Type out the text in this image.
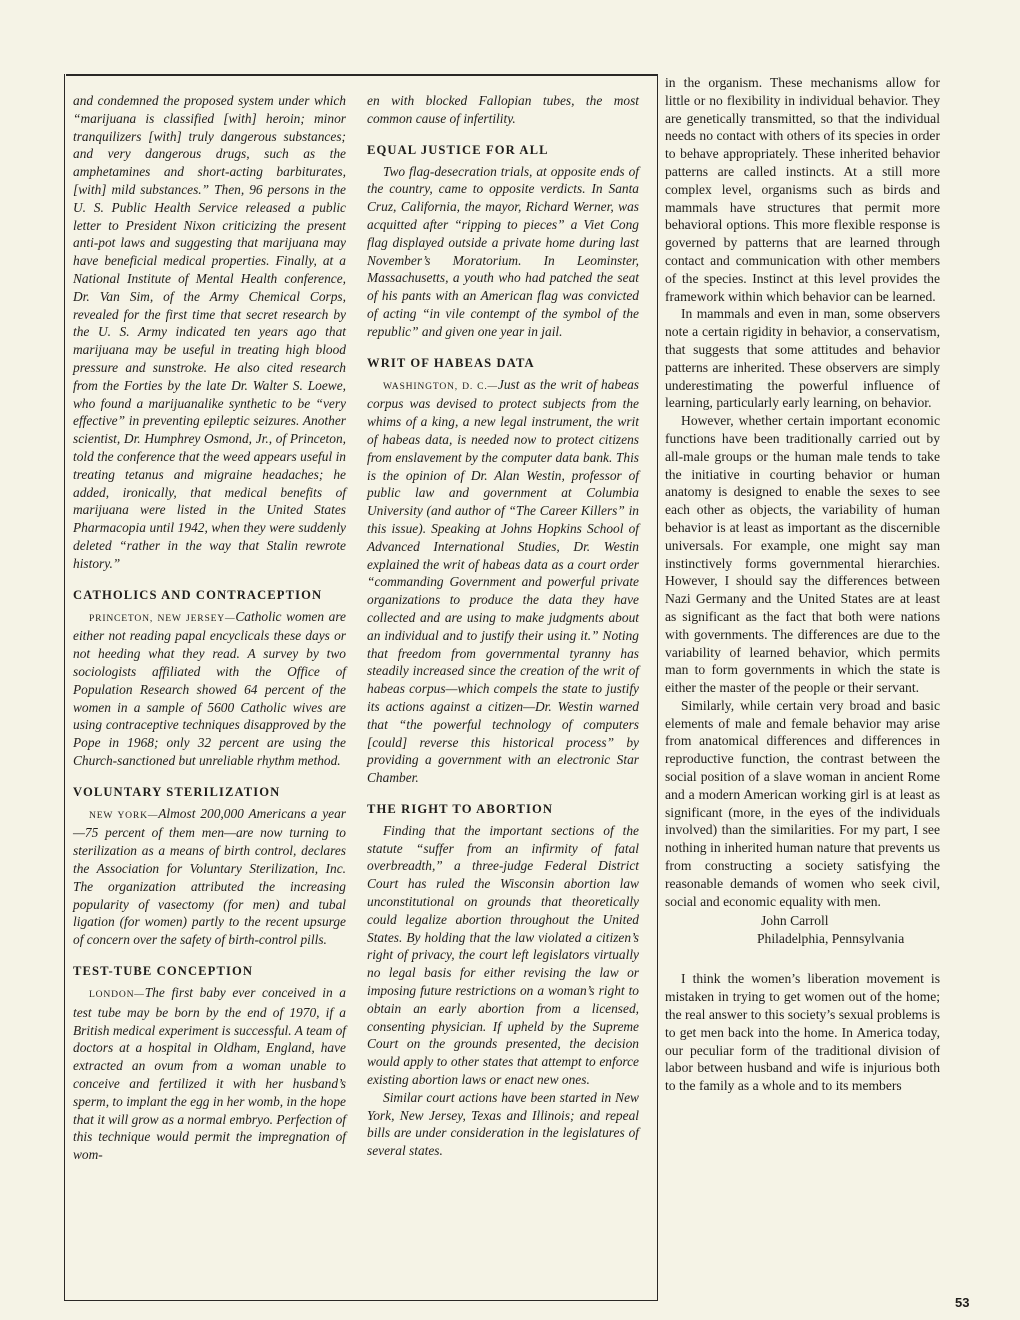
and condemned the proposed system under which “marijuana is classified [with] heroin; minor tranquilizers [with] truly dangerous substances; and very dangerous drugs, such as the amphetamines and short-acting barbiturates, [with] mild substances.” Then, 96 persons in the U. S. Public Health Service released a public letter to President Nixon criticizing the present anti-pot laws and suggesting that marijuana may have beneficial medical properties. Finally, at a National Institute of Mental Health conference, Dr. Van Sim, of the Army Chemical Corps, revealed for the first time that secret research by the U. S. Army indicated ten years ago that marijuana may be useful in treating high blood pressure and sunstroke. He also cited research from the Forties by the late Dr. Walter S. Loewe, who found a marijuanalike synthetic to be “very effective” in preventing epileptic seizures. Another scientist, Dr. Humphrey Osmond, Jr., of Princeton, told the conference that the weed appears useful in treating tetanus and migraine headaches; he added, ironically, that medical benefits of marijuana were listed in the United States Pharmacopia until 1942, when they were suddenly deleted “rather in the way that Stalin rewrote history.”

CATHOLICS AND CONTRACEPTION

PRINCETON, NEW JERSEY—Catholic women are either not reading papal encyclicals these days or not heeding what they read. A survey by two sociologists affiliated with the Office of Population Research showed 64 percent of the women in a sample of 5600 Catholic wives are using contraceptive techniques disapproved by the Pope in 1968; only 32 percent are using the Church-sanctioned but unreliable rhythm method.

VOLUNTARY STERILIZATION

NEW YORK—Almost 200,000 Americans a year—75 percent of them men—are now turning to sterilization as a means of birth control, declares the Association for Voluntary Sterilization, Inc. The organization attributed the increasing popularity of vasectomy (for men) and tubal ligation (for women) partly to the recent upsurge of concern over the safety of birth-control pills.

TEST-TUBE CONCEPTION

LONDON—The first baby ever conceived in a test tube may be born by the end of 1970, if a British medical experiment is successful. A team of doctors at a hospital in Oldham, England, have extracted an ovum from a woman unable to conceive and fertilized it with her husband’s sperm, to implant the egg in her womb, in the hope that it will grow as a normal embryo. Perfection of this technique would permit the impregnation of wom-

en with blocked Fallopian tubes, the most common cause of infertility.

EQUAL JUSTICE FOR ALL

Two flag-desecration trials, at opposite ends of the country, came to opposite verdicts. In Santa Cruz, California, the mayor, Richard Werner, was acquitted after “ripping to pieces” a Viet Cong flag displayed outside a private home during last November’s Moratorium. In Leominster, Massachusetts, a youth who had patched the seat of his pants with an American flag was convicted of acting “in vile contempt of the symbol of the republic” and given one year in jail.

WRIT OF HABEAS DATA

WASHINGTON, D. C.—Just as the writ of habeas corpus was devised to protect subjects from the whims of a king, a new legal instrument, the writ of habeas data, is needed now to protect citizens from enslavement by the computer data bank. This is the opinion of Dr. Alan Westin, professor of public law and government at Columbia University (and author of “The Career Killers” in this issue). Speaking at Johns Hopkins School of Advanced International Studies, Dr. Westin explained the writ of habeas data as a court order “commanding Government and powerful private organizations to produce the data they have collected and are using to make judgments about an individual and to justify their using it.” Noting that freedom from governmental tyranny has steadily increased since the creation of the writ of habeas corpus—which compels the state to justify its actions against a citizen—Dr. Westin warned that “the powerful technology of computers [could] reverse this historical process” by providing a government with an electronic Star Chamber.

THE RIGHT TO ABORTION

Finding that the important sections of the statute “suffer from an infirmity of fatal overbreadth,” a three-judge Federal District Court has ruled the Wisconsin abortion law unconstitutional on grounds that theoretically could legalize abortion throughout the United States. By holding that the law violated a citizen’s right of privacy, the court left legislators virtually no legal basis for either revising the law or imposing future restrictions on a woman’s right to obtain an early abortion from a licensed, consenting physician. If upheld by the Supreme Court on the grounds presented, the decision would apply to other states that attempt to enforce existing abortion laws or enact new ones.

Similar court actions have been started in New York, New Jersey, Texas and Illinois; and repeal bills are under consideration in the legislatures of several states.

in the organism. These mechanisms allow for little or no flexibility in individual behavior. They are genetically transmitted, so that the individual needs no contact with others of its species in order to behave appropriately. These inherited behavior patterns are called instincts. At a still more complex level, organisms such as birds and mammals have structures that permit more behavioral options. This more flexible response is governed by patterns that are learned through contact and communication with other members of the species. Instinct at this level provides the framework within which behavior can be learned.

In mammals and even in man, some observers note a certain rigidity in behavior, a conservatism, that suggests that some attitudes and behavior patterns are inherited. These observers are simply underestimating the powerful influence of learning, particularly early learning, on behavior.

However, whether certain important economic functions have been traditionally carried out by all-male groups or the human male tends to take the initiative in courting behavior or human anatomy is designed to enable the sexes to see each other as objects, the variability of human behavior is at least as important as the discernible universals. For example, one might say man instinctively forms governmental hierarchies. However, I should say the differences between Nazi Germany and the United States are at least as significant as the fact that both were nations with governments. The differences are due to the variability of learned behavior, which permits man to form governments in which the state is either the master of the people or their servant.

Similarly, while certain very broad and basic elements of male and female behavior may arise from anatomical differences and differences in reproductive function, the contrast between the social position of a slave woman in ancient Rome and a modern American working girl is at least as significant (more, in the eyes of the individuals involved) than the similarities. For my part, I see nothing in inherited human nature that prevents us from constructing a society satisfying the reasonable demands of women who seek civil, social and economic equality with men.

John Carroll
Philadelphia, Pennsylvania

I think the women’s liberation movement is mistaken in trying to get women out of the home; the real answer to this society’s sexual problems is to get men back into the home. In America today, our peculiar form of the traditional division of labor between husband and wife is injurious both to the family as a whole and to its members

53
